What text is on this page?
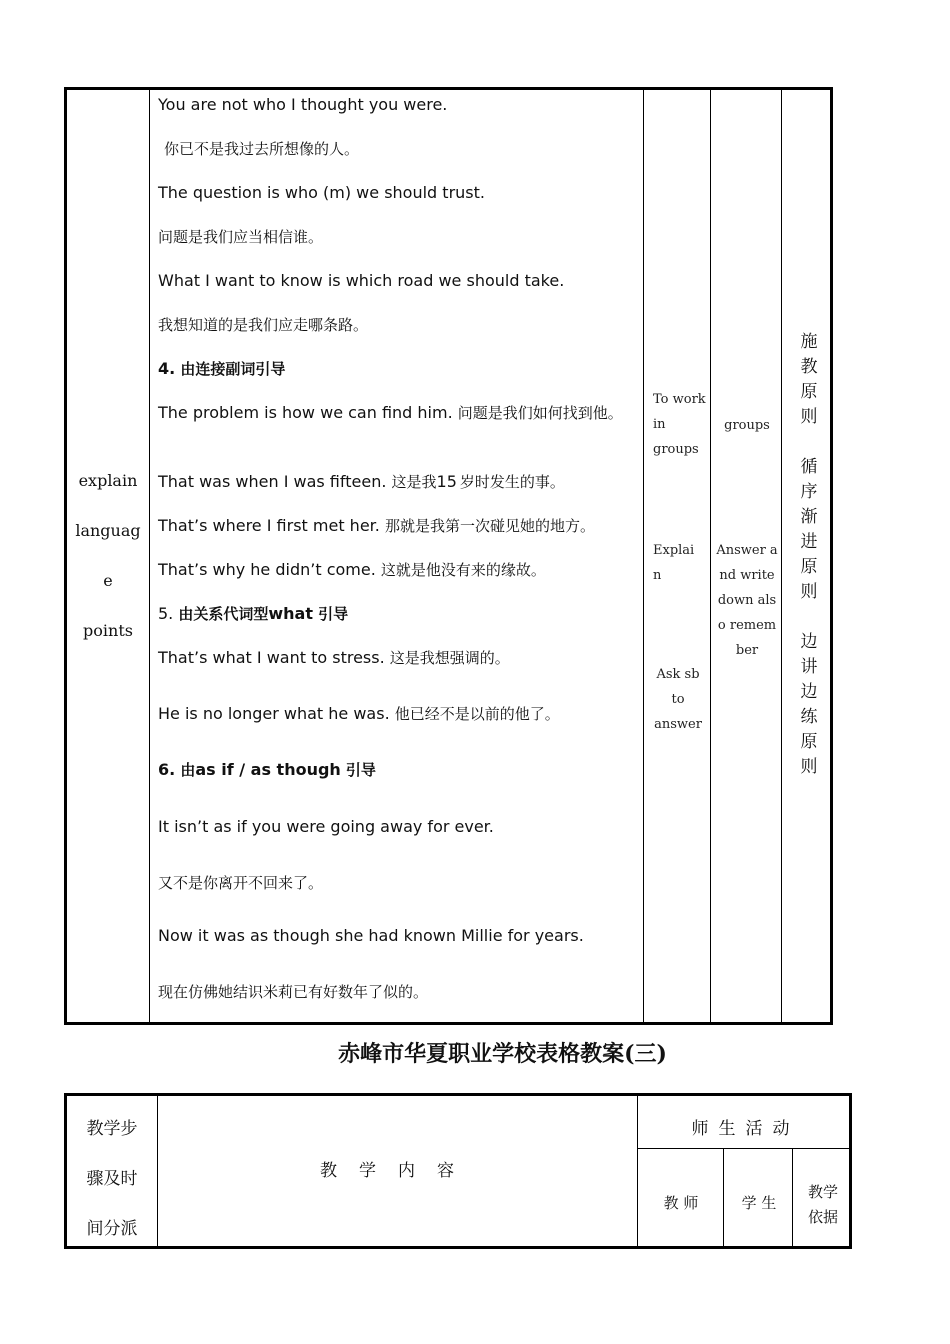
explain
languag
e
points
You are not who I thought you were.
你已不是我过去所想像的人。
The question is who (m) we should trust.
问题是我们应当相信谁。
What I want to know is which road we should take.
我想知道的是我们应走哪条路。
4. 由连接副词引导
The problem is how we can find him. 问题是我们如何找到他。
That was when I was fifteen. 这是我15 岁时发生的事。
That’s where I first met her. 那就是我第一次碰见她的地方。
That’s why he didn’t come. 这就是他没有来的缘故。
5. 由关系代词型what 引导
That’s what I want to stress. 这是我想强调的。
He is no longer what he was. 他已经不是以前的他了。
6. 由as if / as though 引导
It isn’t as if you were going away for ever.
又不是你离开不回来了。
Now it was as though she had known Millie for years.
现在仿佛她结识米莉已有好数年了似的。
To work in groups
Explain
Ask sb to answer
groups
Answer and write down also remember
施
教
原
则
循
序
渐
进
原
则
边
讲
边
练
原
则
赤峰市华夏职业学校表格教案(三)
教学步
骤及时
间分派
教学内容
师生活动
教 师	学 生
教学
依据
